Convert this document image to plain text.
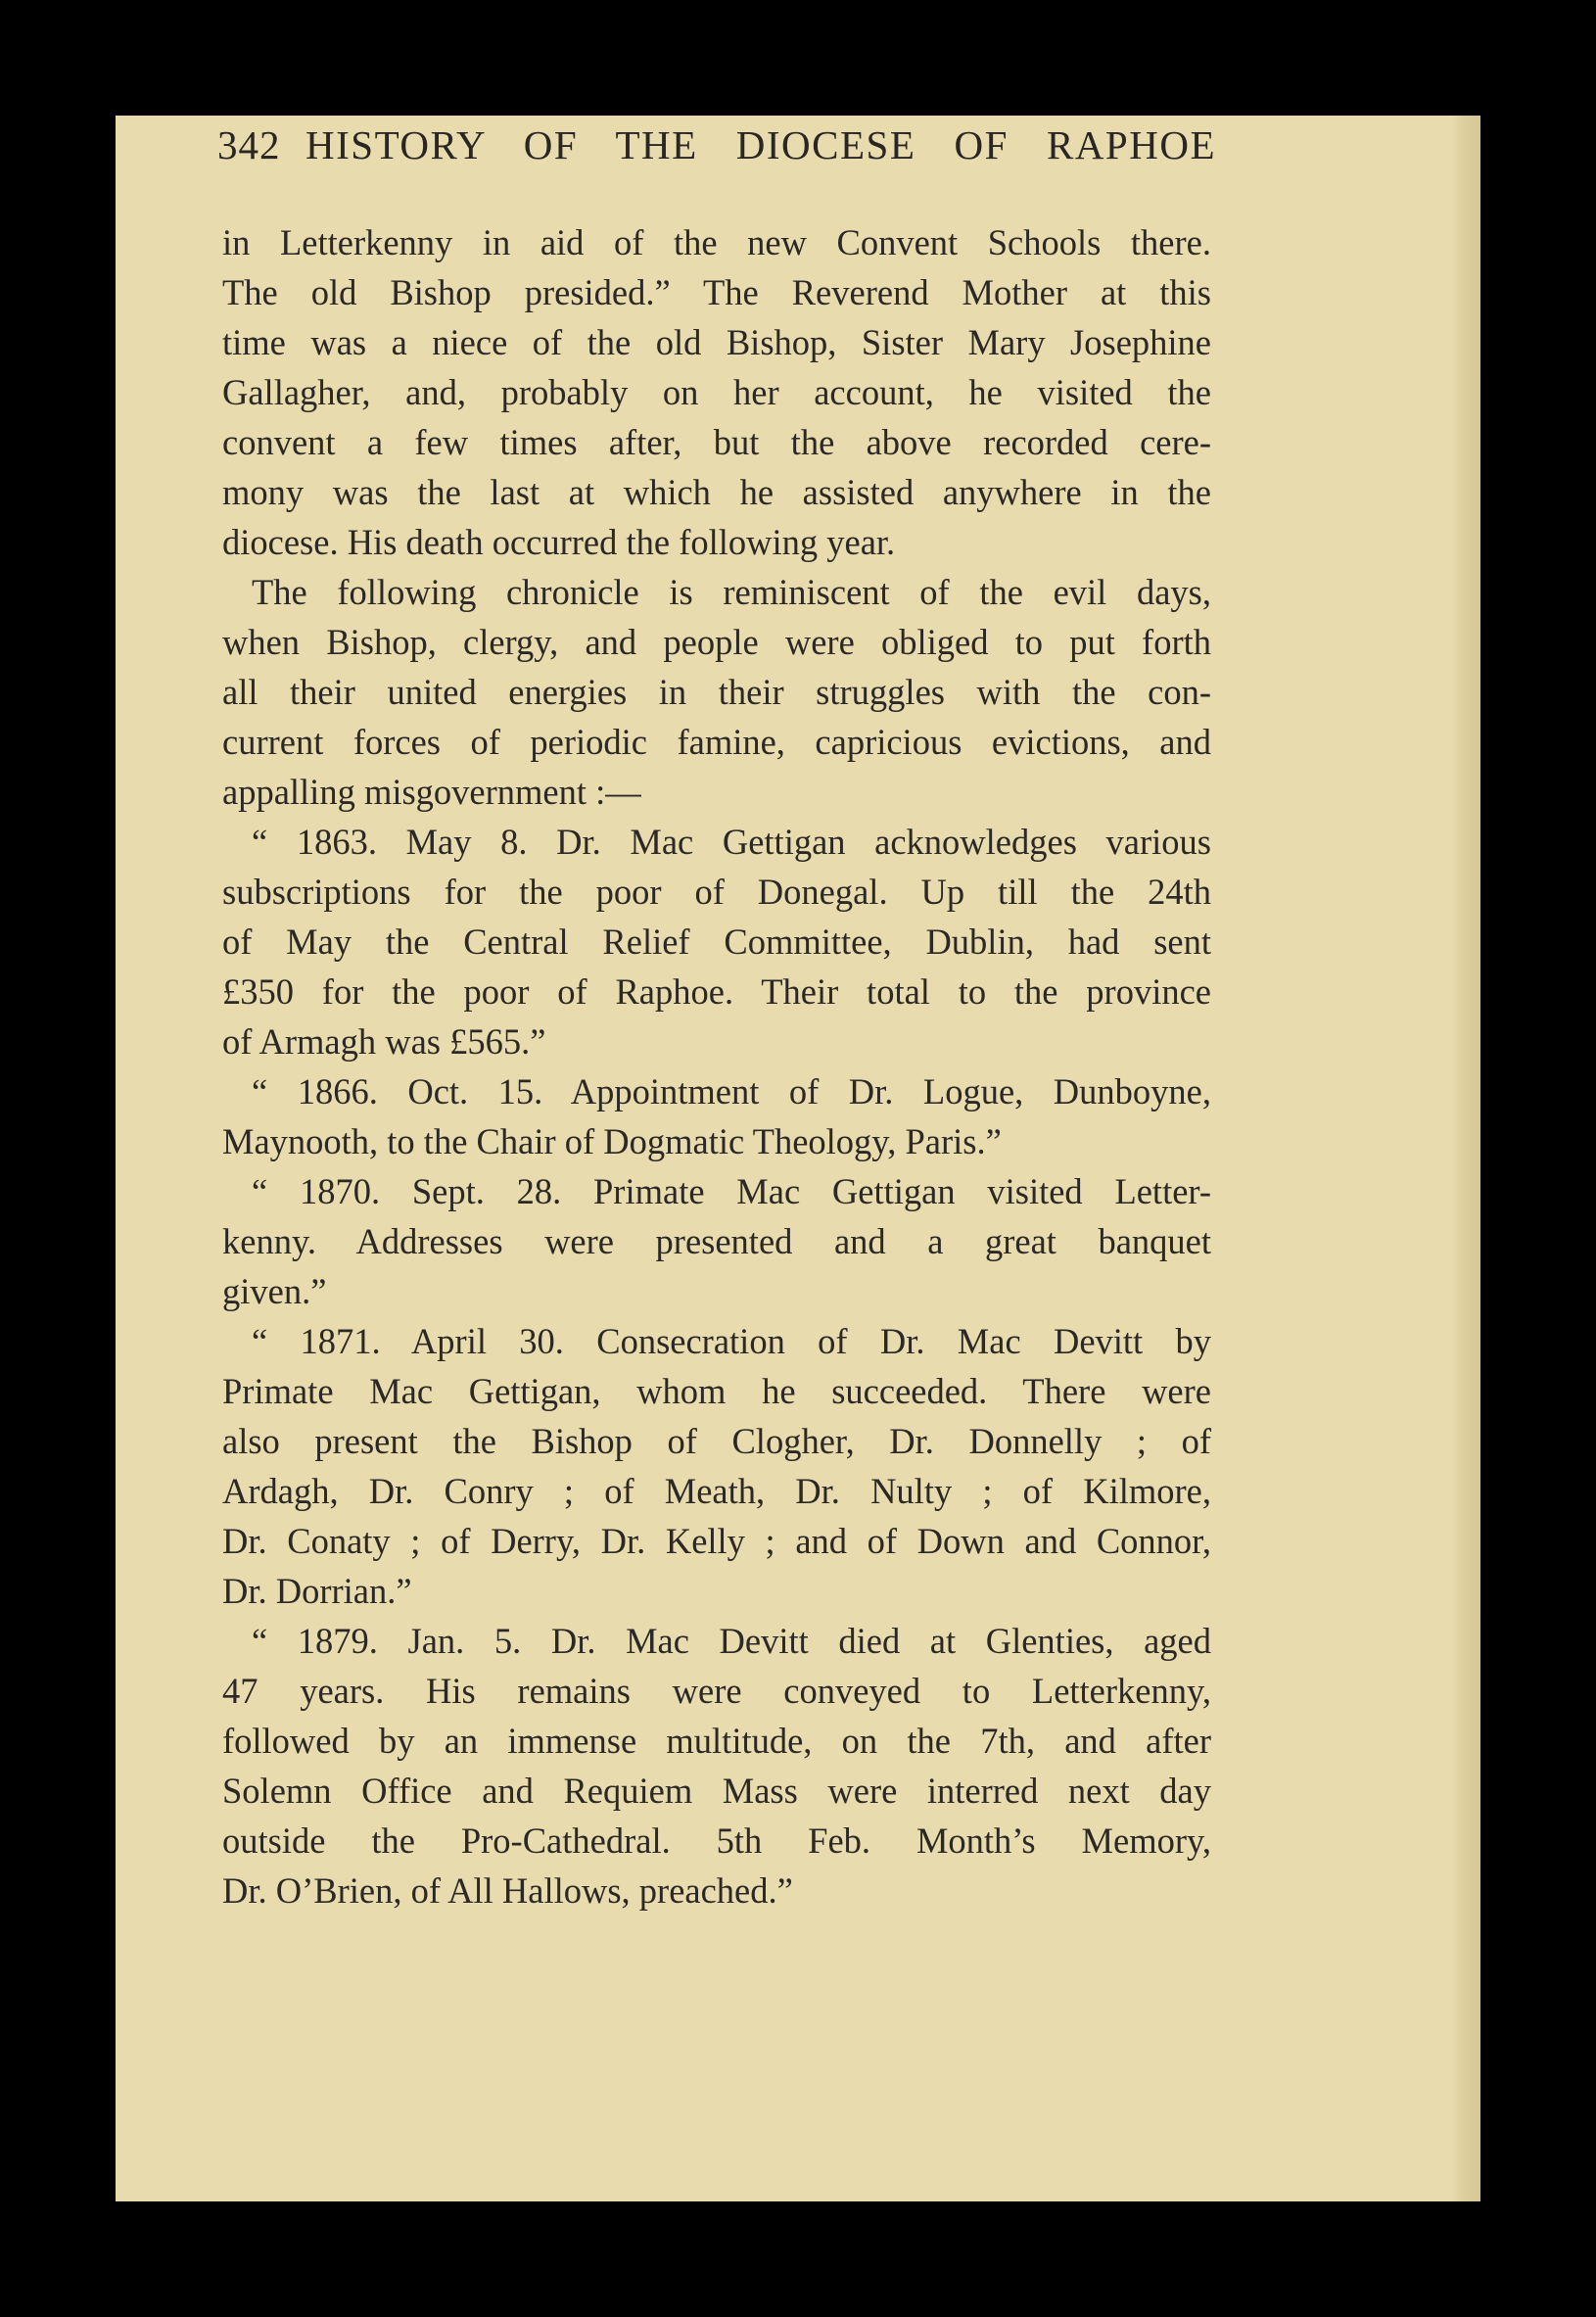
342 HISTORY OF THE DIOCESE OF RAPHOE
in Letterkenny in aid of the new Convent Schools there.
The old Bishop presided.” The Reverend Mother at this
time was a niece of the old Bishop, Sister Mary Josephine
Gallagher, and, probably on her account, he visited the
convent a few times after, but the above recorded cere-
mony was the last at which he assisted anywhere in the
diocese. His death occurred the following year.
The following chronicle is reminiscent of the evil days,
when Bishop, clergy, and people were obliged to put forth
all their united energies in their struggles with the con-
current forces of periodic famine, capricious evictions, and
appalling misgovernment :—
“ 1863. May 8. Dr. Mac Gettigan acknowledges various
subscriptions for the poor of Donegal. Up till the 24th
of May the Central Relief Committee, Dublin, had sent
£350 for the poor of Raphoe. Their total to the province
of Armagh was £565.”
“ 1866. Oct. 15. Appointment of Dr. Logue, Dunboyne,
Maynooth, to the Chair of Dogmatic Theology, Paris.”
“ 1870. Sept. 28. Primate Mac Gettigan visited Letter-
kenny. Addresses were presented and a great banquet
given.”
“ 1871. April 30. Consecration of Dr. Mac Devitt by
Primate Mac Gettigan, whom he succeeded. There were
also present the Bishop of Clogher, Dr. Donnelly ; of
Ardagh, Dr. Conry ; of Meath, Dr. Nulty ; of Kilmore,
Dr. Conaty ; of Derry, Dr. Kelly ; and of Down and Connor,
Dr. Dorrian.”
“ 1879. Jan. 5. Dr. Mac Devitt died at Glenties, aged
47 years. His remains were conveyed to Letterkenny,
followed by an immense multitude, on the 7th, and after
Solemn Office and Requiem Mass were interred next day
outside the Pro-Cathedral. 5th Feb. Month’s Memory,
Dr. O’Brien, of All Hallows, preached.”
